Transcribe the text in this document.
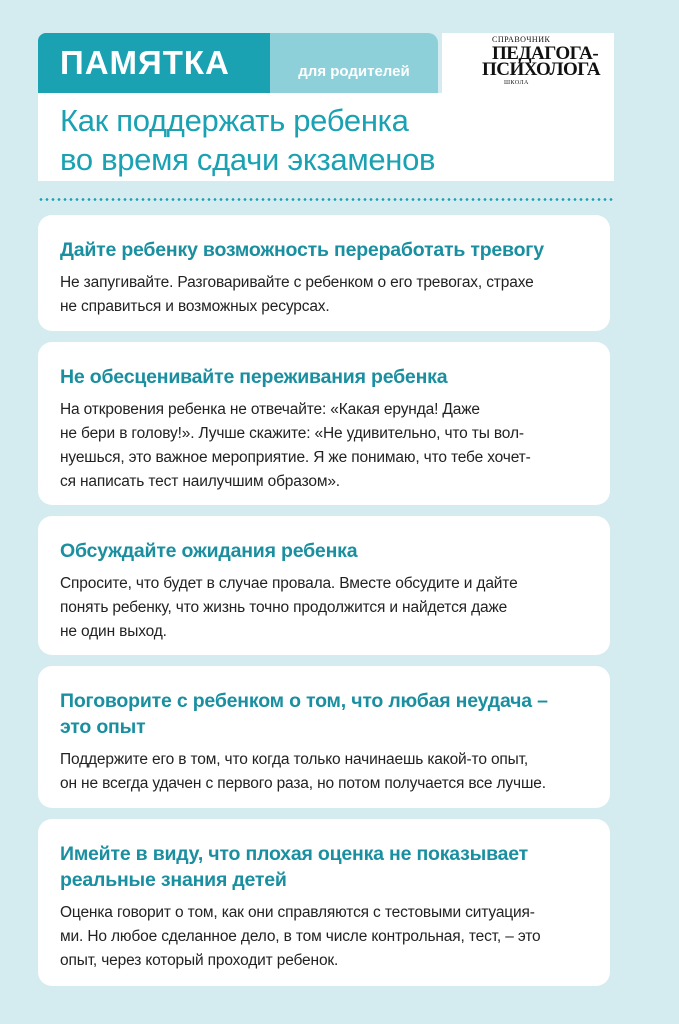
ПАМЯТКА	для родителей
СПРАВОЧНИК
ПЕДАГОГА-
ПСИХОЛОГА
ШКОЛА
Как поддержать ребенка
во время сдачи экзаменов
Дайте ребенку возможность переработать тревогу
Не запугивайте. Разговаривайте с ребенком о его тревогах, страхе
не справиться и возможных ресурсах.
Не обесценивайте переживания ребенка
На откровения ребенка не отвечайте: «Какая ерунда! Даже
не бери в голову!». Лучше скажите: «Не удивительно, что ты вол-
нуешься, это важное мероприятие. Я же понимаю, что тебе хочет-
ся написать тест наилучшим образом».
Обсуждайте ожидания ребенка
Спросите, что будет в случае провала. Вместе обсудите и дайте
понять ребенку, что жизнь точно продолжится и найдется даже
не один выход.
Поговорите с ребенком о том, что любая неудача –
это опыт
Поддержите его в том, что когда только начинаешь какой-то опыт,
он не всегда удачен с первого раза, но потом получается все лучше.
Имейте в виду, что плохая оценка не показывает
реальные знания детей
Оценка говорит о том, как они справляются с тестовыми ситуация-
ми. Но любое сделанное дело, в том числе контрольная, тест, – это
опыт, через который проходит ребенок.
